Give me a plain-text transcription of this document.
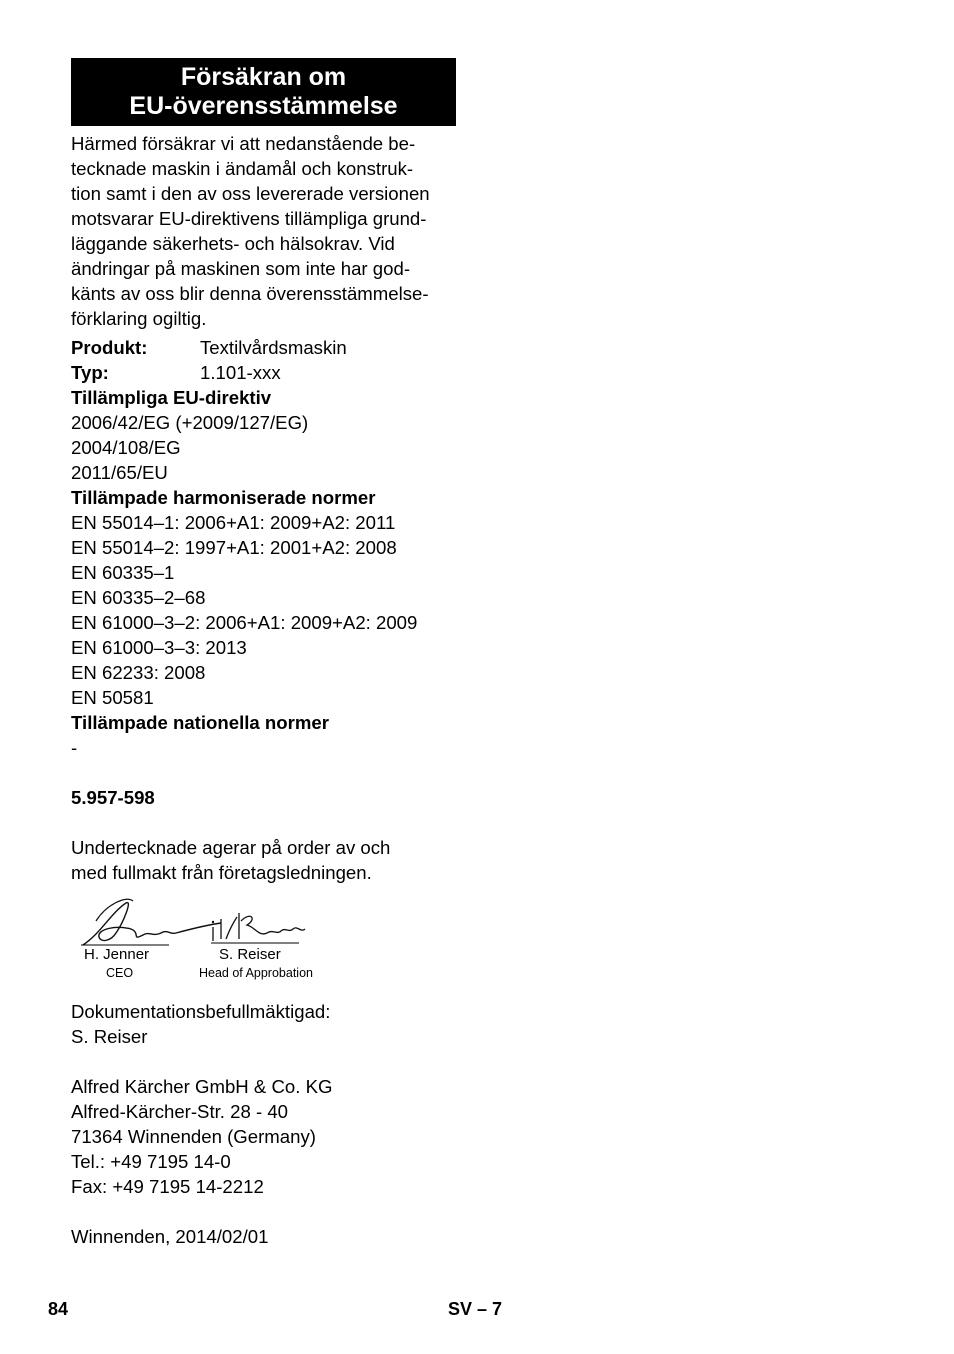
Försäkran om
EU-överensstämmelse
Härmed försäkrar vi att nedanstående be-
tecknade maskin i ändamål och konstruk-
tion samt i den av oss levererade versionen
motsvarar EU-direktivens tillämpliga grund-
läggande säkerhets- och hälsokrav. Vid
ändringar på maskinen som inte har god-
känts av oss blir denna överensstämmelse-
förklaring ogiltig.
Produkt:	Textilvårdsmaskin
Typ:	1.101-xxx
Tillämpliga EU-direktiv
2006/42/EG (+2009/127/EG)
2004/108/EG
2011/65/EU
Tillämpade harmoniserade normer
EN 55014–1: 2006+A1: 2009+A2: 2011
EN 55014–2: 1997+A1: 2001+A2: 2008
EN 60335–1
EN 60335–2–68
EN 61000–3–2: 2006+A1: 2009+A2: 2009
EN 61000–3–3: 2013
EN 62233: 2008
EN 50581
Tillämpade nationella normer
-

5.957-598

Undertecknade agerar på order av och
med fullmakt från företagsledningen.
H. Jenner
CEO
S. Reiser
Head of Approbation
Dokumentationsbefullmäktigad:
S. Reiser
Alfred Kärcher GmbH & Co. KG
Alfred-Kärcher-Str. 28 - 40
71364 Winnenden (Germany)
Tel.: +49 7195 14-0
Fax: +49 7195 14-2212
Winnenden, 2014/02/01
84	SV – 7
